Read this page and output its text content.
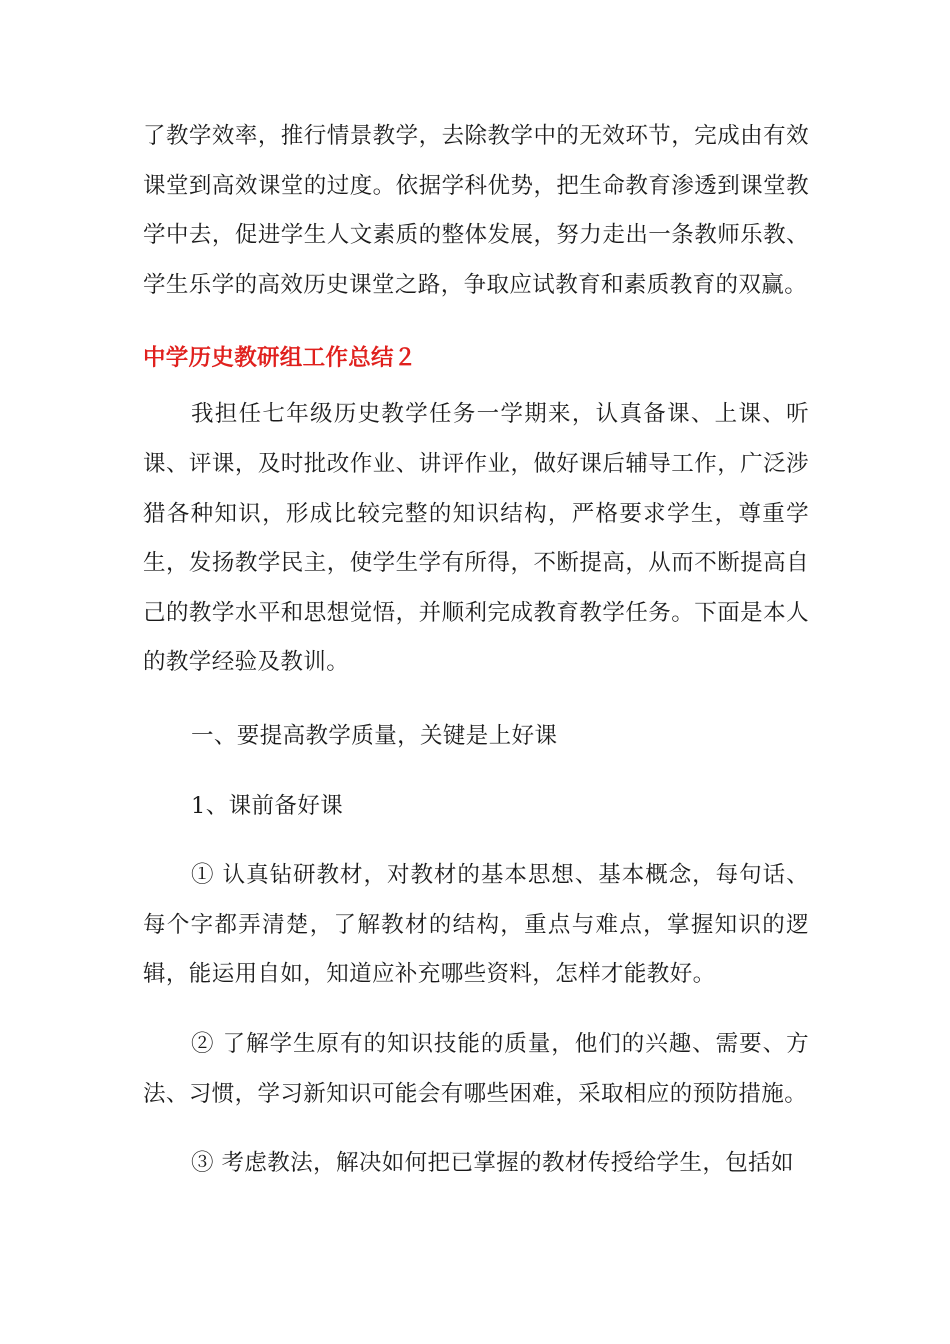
了教学效率，推行情景教学，去除教学中的无效环节，完成由有效课堂到高效课堂的过度。依据学科优势，把生命教育渗透到课堂教学中去，促进学生人文素质的整体发展，努力走出一条教师乐教、学生乐学的高效历史课堂之路，争取应试教育和素质教育的双赢。

中学历史教研组工作总结２

我担任七年级历史教学任务一学期来，认真备课、上课、听课、评课，及时批改作业、讲评作业，做好课后辅导工作，广泛涉猎各种知识，形成比较完整的知识结构，严格要求学生，尊重学生，发扬教学民主，使学生学有所得，不断提高，从而不断提高自己的教学水平和思想觉悟，并顺利完成教育教学任务。下面是本人的教学经验及教训。

一、要提高教学质量，关键是上好课

1、课前备好课

① 认真钻研教材，对教材的基本思想、基本概念，每句话、每个字都弄清楚，了解教材的结构，重点与难点，掌握知识的逻辑，能运用自如，知道应补充哪些资料，怎样才能教好。

② 了解学生原有的知识技能的质量，他们的兴趣、需要、方法、习惯，学习新知识可能会有哪些困难，采取相应的预防措施。

③ 考虑教法，解决如何把已掌握的教材传授给学生，包括如
